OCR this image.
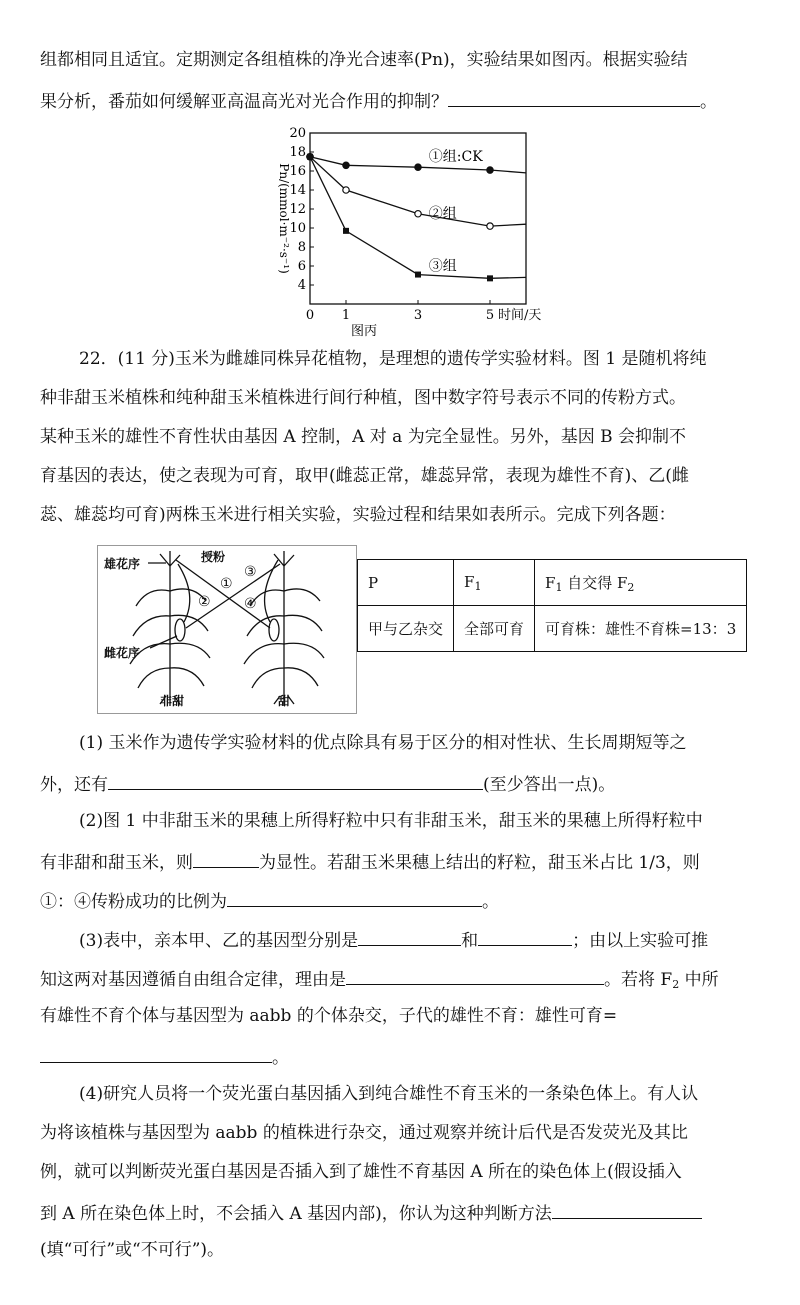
组都相同且适宜。定期测定各组植株的净光合速率(Pn)，实验结果如图丙。根据实验结
果分析，番茄如何缓解亚高温高光对光合作用的抑制？	。
4
6
8
10
12
14
16
18
20
0 1	3	5 时间/天
图丙
Pn/(mmol·m⁻²·s⁻¹)
①组:CK
②组
③组
22．(11 分)玉米为雌雄同株异花植物，是理想的遗传学实验材料。图 1 是随机将纯
种非甜玉米植株和纯种甜玉米植株进行间行种植，图中数字符号表示不同的传粉方式。
某种玉米的雄性不育性状由基因 A 控制，A 对 a 为完全显性。另外，基因 B 会抑制不
育基因的表达，使之表现为可育，取甲(雌蕊正常，雄蕊异常，表现为雄性不育)、乙(雌
蕊、雄蕊均可育)两株玉米进行相关实验，实验过程和结果如表所示。完成下列各题：
雄花序	授粉
雌花序
非甜	甜
①
②
③
④
P	$F_1$	$F_1$ 自交得 $F_2$
甲与乙杂交	全部可育	可育株：雄性不育株=13：3
(1) 玉米作为遗传学实验材料的优点除具有易于区分的相对性状、生长周期短等之
外，还有	(至少答出一点)。
(2)图 1 中非甜玉米的果穗上所得籽粒中只有非甜玉米，甜玉米的果穗上所得籽粒中
有非甜和甜玉米，则	为显性。若甜玉米果穗上结出的籽粒，甜玉米占比 1/3，则
①：④传粉成功的比例为	。
(3)表中，亲本甲、乙的基因型分别是	和	；由以上实验可推
知这两对基因遵循自由组合定律，理由是	。若将 $F_2$ 中所
有雄性不育个体与基因型为 aabb 的个体杂交，子代的雄性不育：雄性可育=
。
(4)研究人员将一个荧光蛋白基因插入到纯合雄性不育玉米的一条染色体上。有人认
为将该植株与基因型为 aabb 的植株进行杂交，通过观察并统计后代是否发荧光及其比
例，就可以判断荧光蛋白基因是否插入到了雄性不育基因 A 所在的染色体上(假设插入
到 A 所在染色体上时，不会插入 A 基因内部)，你认为这种判断方法
(填“可行”或“不可行”)。
